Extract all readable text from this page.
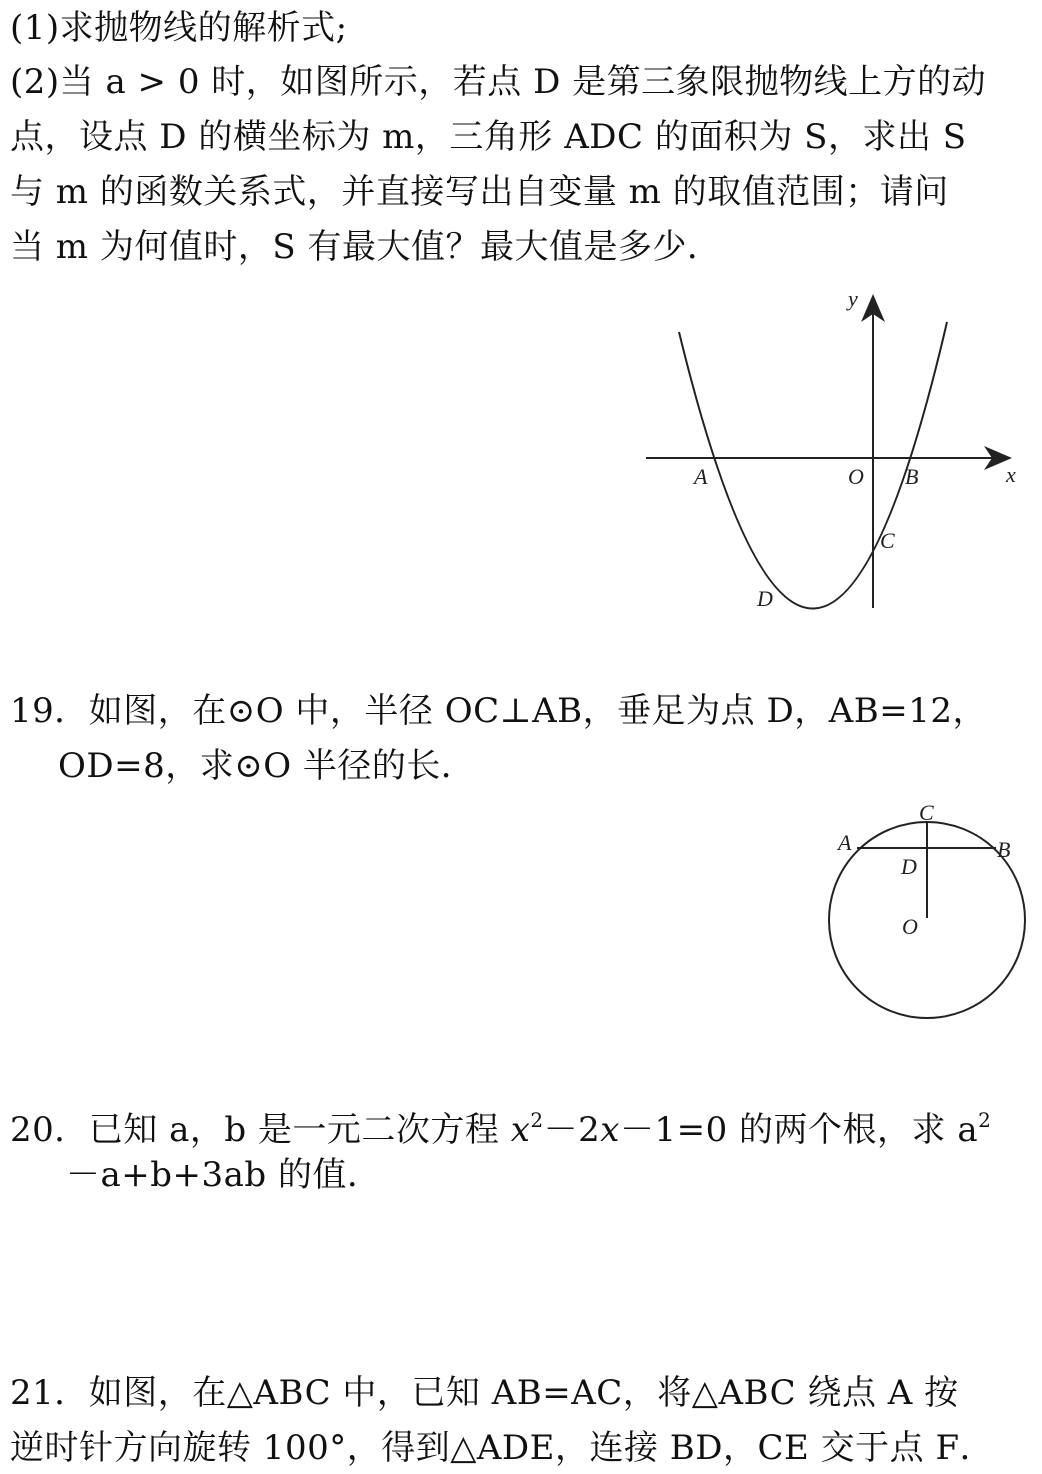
(1)求抛物线的解析式;
(2)当 a > 0 时，如图所示，若点 D 是第三象限抛物线上方的动
点，设点 D 的横坐标为 m，三角形 ADC 的面积为 S，求出 S
与 m 的函数关系式，并直接写出自变量 m 的取值范围；请问
当 m 为何值时，S 有最大值？最大值是多少．
y
x
A	O B
C
D
19．如图，在⊙O 中，半径 OC⊥AB，垂足为点 D，AB=12，
OD=8，求⊙O 半径的长．
A	B
C
D
O
20．已知 a，b 是一元二次方程 $x^2-2x-1=0$ 的两个根，求 $a^2$
－a+b+3ab 的值．
21．如图，在△ABC 中，已知 AB=AC，将△ABC 绕点 A 按
逆时针方向旋转 100°，得到△ADE，连接 BD，CE 交于点 F．
